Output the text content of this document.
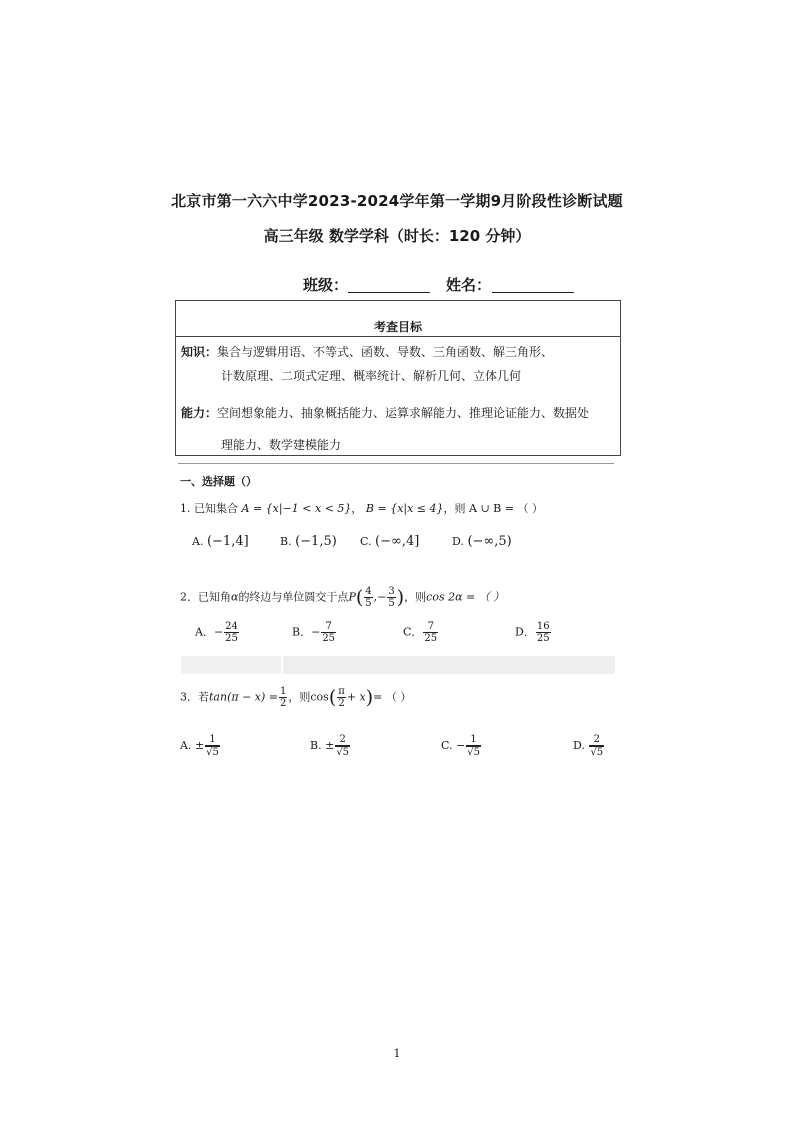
北京市第一六六中学2023-2024学年第一学期9月阶段性诊断试题
高三年级 数学学科（时长：120 分钟）
班级：	姓名：
考查目标
知识：集合与逻辑用语、不等式、函数、导数、三角函数、解三角形、
计数原理、二项式定理、概率统计、解析几何、立体几何
能力：空间想象能力、抽象概括能力、运算求解能力、推理论证能力、数据处
理能力、数学建模能力
一、选择题（）
1. 已知集合 A = {x|−1 < x < 5}， B = {x|x ≤ 4}，则 A ∪ B = （ ）
A. (−1,4]	B. (−1,5) C. (−∞,4]	D. (−∞,5)
2．已知角α的终边与单位圆交于点$P( \frac{4}{5}$ ,− $\frac{3}{5}$ )，则cos 2α = （ ）
A．− $\frac{24}{25}$	B．− $\frac{7}{25}$	C． $\frac{7}{25}$	D． $\frac{16}{25}$
3．若$\tan(\pi - x) = \frac{1}{2}$ ，则$\cos( \frac{\pi}{2} + x)=$ （ ）
A. ± $\frac{1}{√5}$	B. ± $\frac{2}{√5}$	C. − $\frac{1}{√5}$	D. $\frac{2}{√5}$
1
